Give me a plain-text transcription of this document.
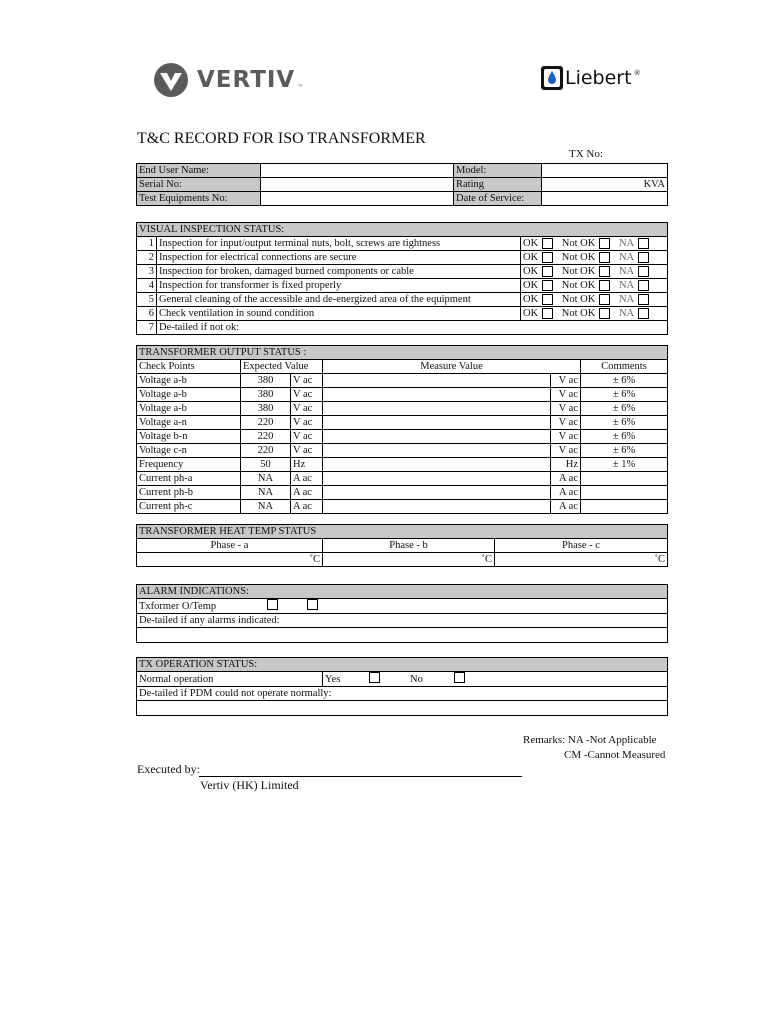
VERTIV ™	Liebert ®
T&C RECORD FOR ISO TRANSFORMER
TX No:
End User Name:		Model:	
Serial No:		Rating	KVA
Test Equipments No:		Date of Service:	
VISUAL INSPECTION STATUS:		
1	Inspection for input/output terminal nuts, bolt, screws are tightness	OK
Not OK
NA

2	Inspection for electrical connections are secure	OK
Not OK
NA

3	Inspection for broken, damaged burned components or cable	OK
Not OK
NA

4	Inspection for transformer is fixed properly	OK
Not OK
NA

5	General cleaning of the accessible and de-energized area of the equipment	OK
Not OK
NA

6	Check ventilation in sound condition	OK
Not OK
NA

7	De-tailed if not ok:	
TRANSFORMER OUTPUT STATUS :					
Check Points	Expected Value		Measure Value		Comments
Voltage a-b	380	V ac		V ac	± 6%
Voltage a-b	380	V ac		V ac	± 6%
Voltage a-b	380	V ac		V ac	± 6%
Voltage a-n	220	V ac		V ac	± 6%
Voltage b-n	220	V ac		V ac	± 6%
Voltage c-n	220	V ac		V ac	± 6%
Frequency	50	Hz		Hz	± 1%
Current ph-a	NA	A ac		A ac	
Current ph-b	NA	A ac		A ac	
Current ph-c	NA	A ac		A ac	
TRANSFORMER HEAT TEMP STATUS		
Phase - a	Phase - b	Phase - c
˚C	˚C	˚C
ALARM INDICATIONS:
Txformer O/Temp
De-tailed if any alarms indicated:

TX OPERATION STATUS:
Normal operation	Yes	No
De-tailed if PDM could not operate normally:

Remarks: NA -Not Applicable
CM -Cannot Measured
Executed by:
Vertiv (HK) Limited
